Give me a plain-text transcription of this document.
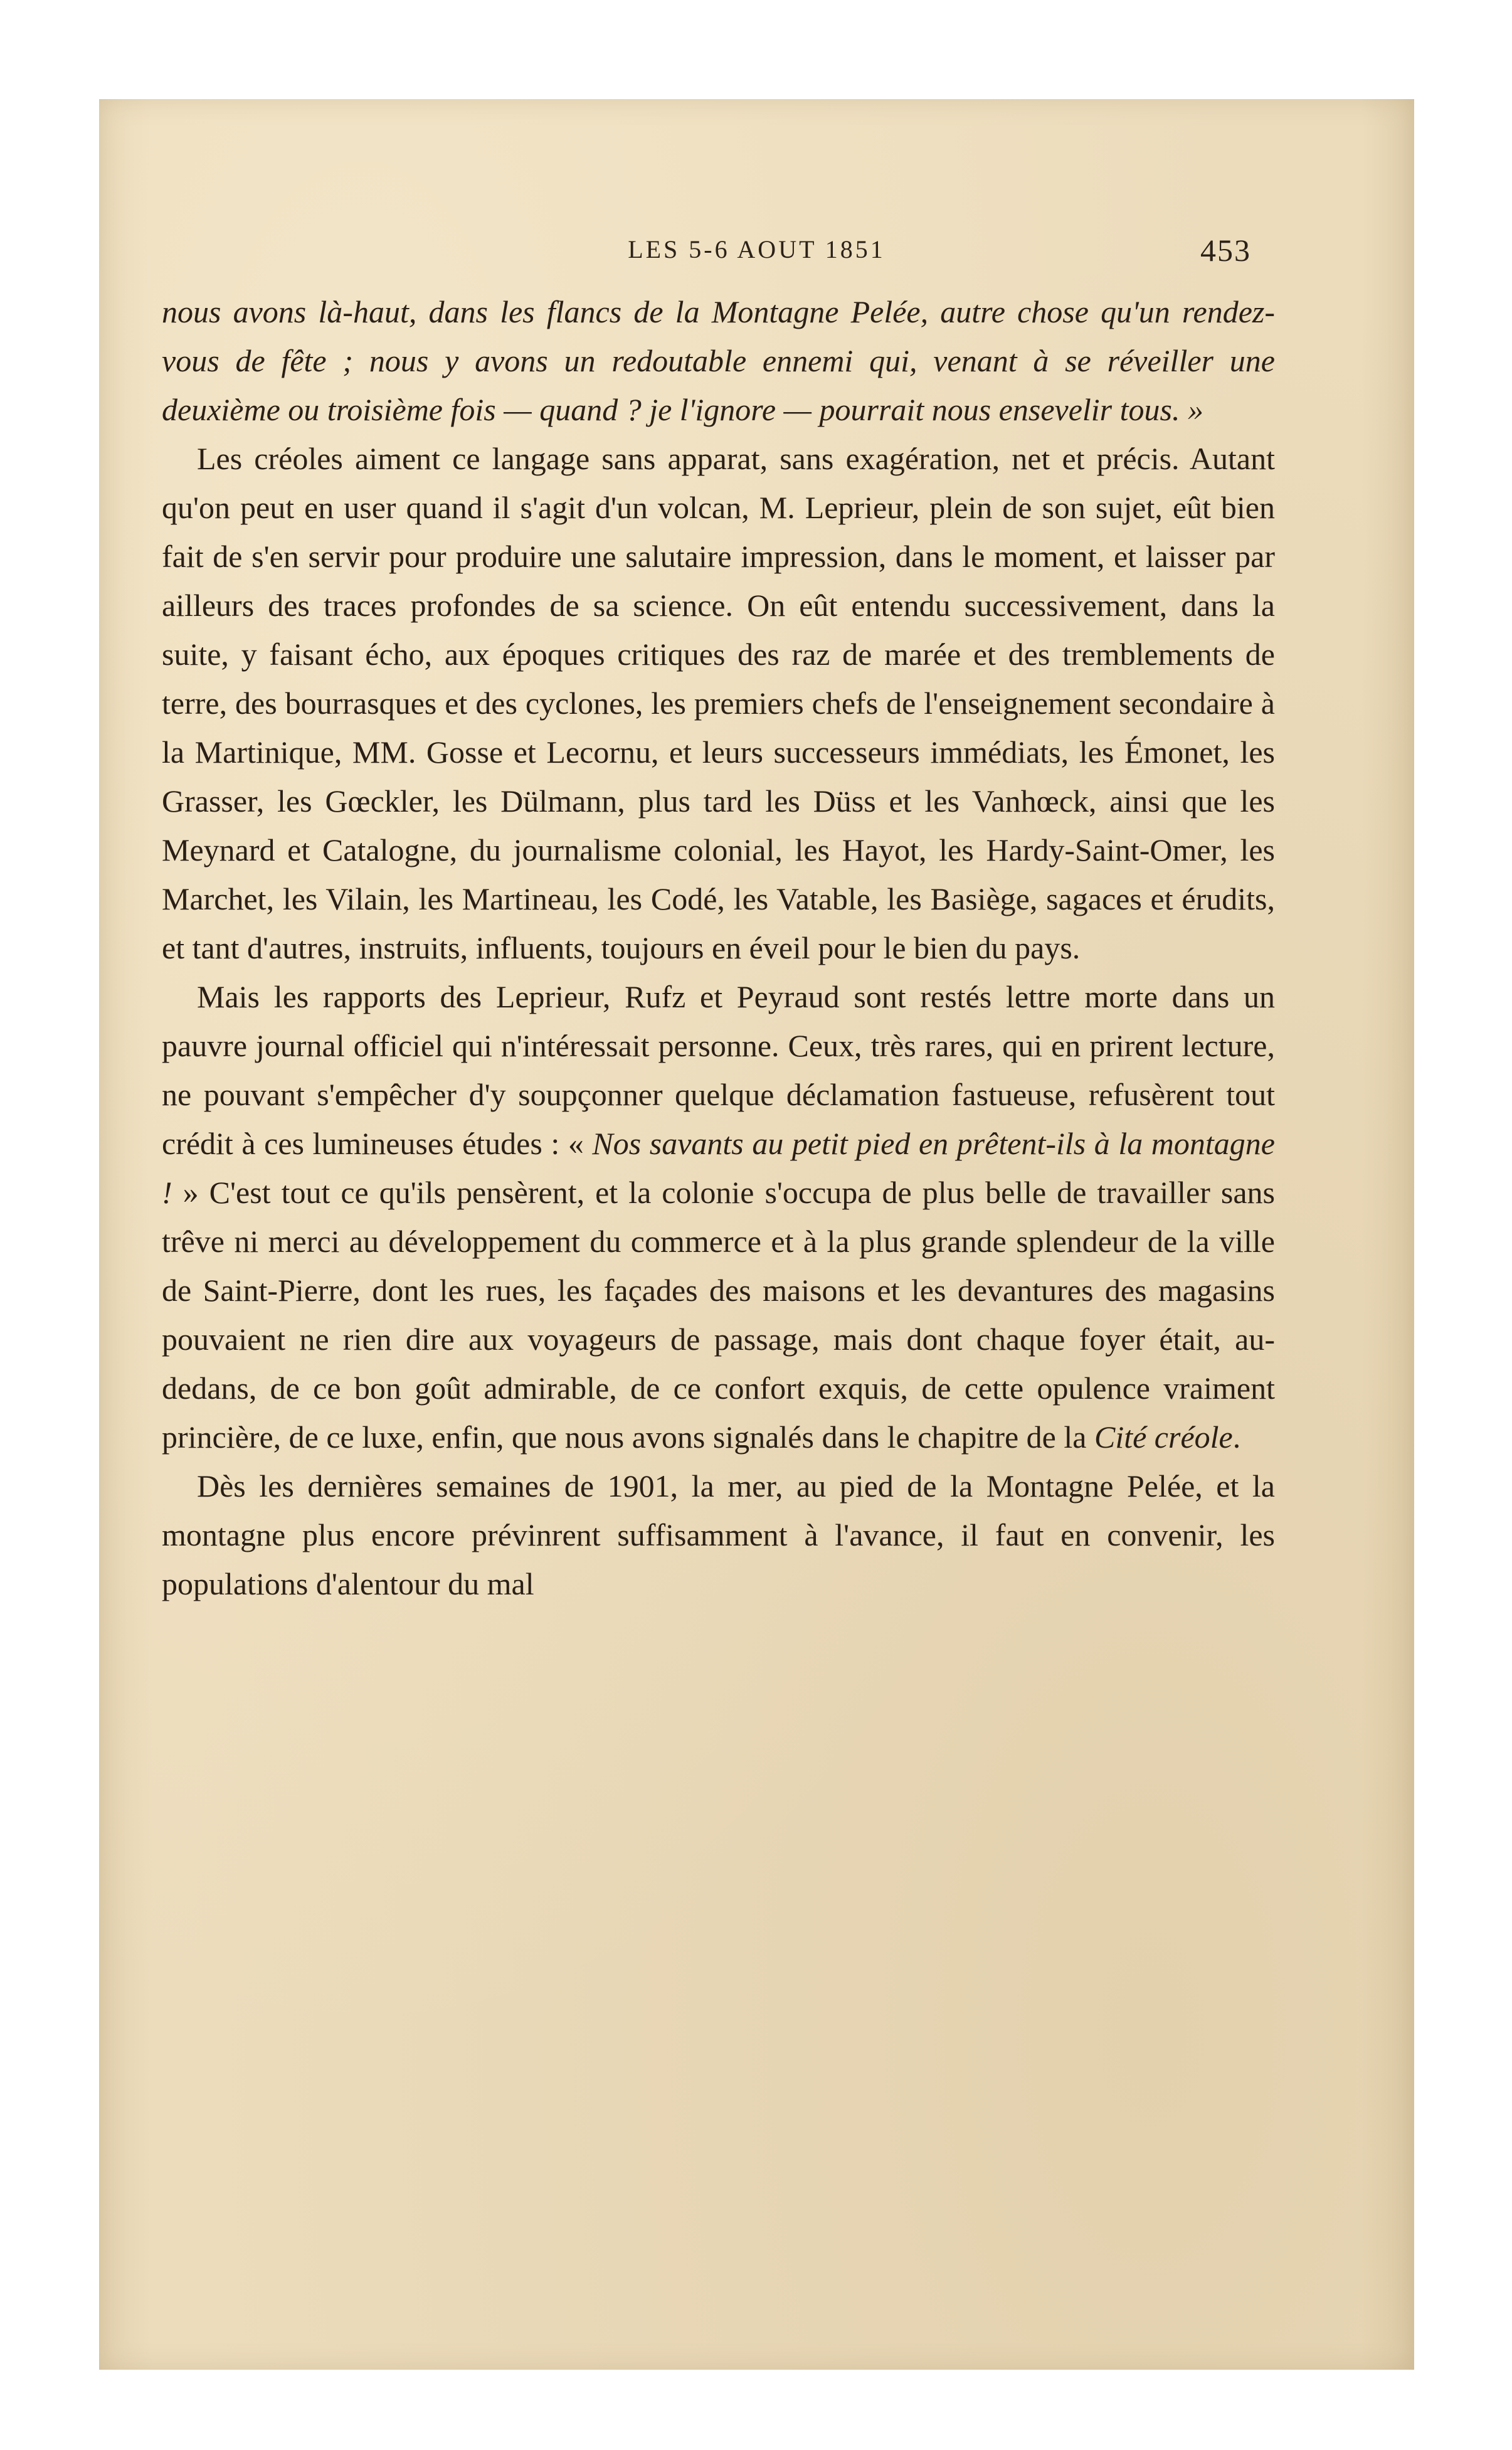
LES 5-6 AOUT 1851	453

nous avons là-haut, dans les flancs de la Montagne Pelée, autre chose qu'un rendez-vous de fête ; nous y avons un redoutable ennemi qui, venant à se réveiller une deuxième ou troisième fois — quand ? je l'ignore — pourrait nous ensevelir tous. »

Les créoles aiment ce langage sans apparat, sans exagération, net et précis. Autant qu'on peut en user quand il s'agit d'un volcan, M. Leprieur, plein de son sujet, eût bien fait de s'en servir pour produire une salutaire impression, dans le moment, et laisser par ailleurs des traces profondes de sa science. On eût entendu successivement, dans la suite, y faisant écho, aux époques critiques des raz de marée et des tremblements de terre, des bourrasques et des cyclones, les premiers chefs de l'enseignement secondaire à la Martinique, MM. Gosse et Lecornu, et leurs successeurs immédiats, les Émonet, les Grasser, les Gœckler, les Dülmann, plus tard les Düss et les Vanhœck, ainsi que les Meynard et Catalogne, du journalisme colonial, les Hayot, les Hardy-Saint-Omer, les Marchet, les Vilain, les Martineau, les Codé, les Vatable, les Basiège, sagaces et érudits, et tant d'autres, instruits, influents, toujours en éveil pour le bien du pays.

Mais les rapports des Leprieur, Rufz et Peyraud sont restés lettre morte dans un pauvre journal officiel qui n'intéressait personne. Ceux, très rares, qui en prirent lecture, ne pouvant s'empêcher d'y soupçonner quelque déclamation fastueuse, refusèrent tout crédit à ces lumineuses études : « Nos savants au petit pied en prêtent-ils à la montagne ! » C'est tout ce qu'ils pensèrent, et la colonie s'occupa de plus belle de travailler sans trêve ni merci au développement du commerce et à la plus grande splendeur de la ville de Saint-Pierre, dont les rues, les façades des maisons et les devantures des magasins pouvaient ne rien dire aux voyageurs de passage, mais dont chaque foyer était, au-dedans, de ce bon goût admirable, de ce confort exquis, de cette opulence vraiment princière, de ce luxe, enfin, que nous avons signalés dans le chapitre de la Cité créole.

Dès les dernières semaines de 1901, la mer, au pied de la Montagne Pelée, et la montagne plus encore prévinrent suffisamment à l'avance, il faut en convenir, les populations d'alentour du mal
